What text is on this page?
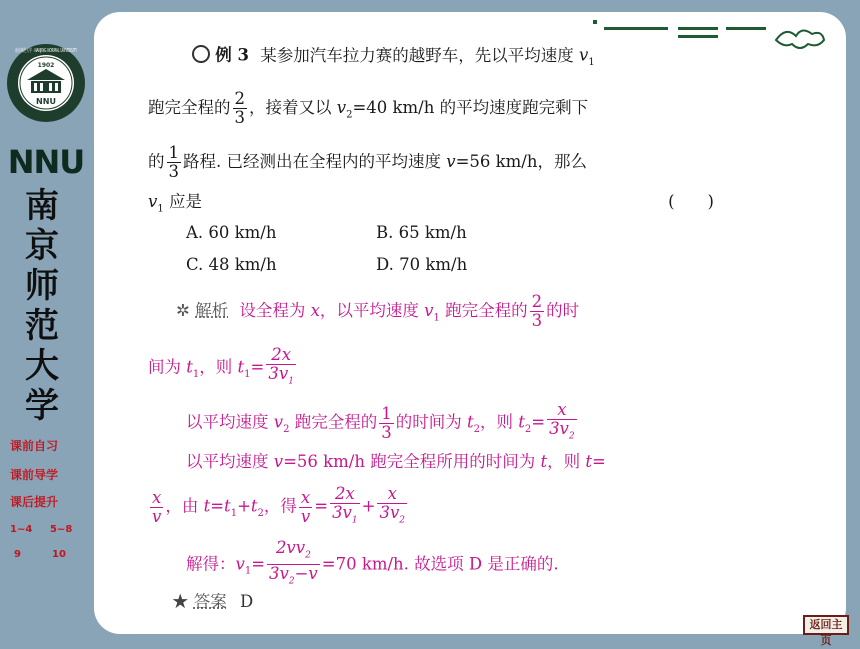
1902
NNU
南京师范大学 · NANJING NORMAL UNIVERSITY
NNU
南
京
师
范
大
学
课前自习
课前导学
课后提升
1~4 5~8
9	10
例 3 某参加汽车拉力赛的越野车，先以平均速度 $v_1$
跑完全程的 $\frac{2}{3}$ ，接着又以 $v_2=40$ km/h 的平均速度跑完剩下
的 $\frac{1}{3}$ 路程. 已经测出在全程内的平均速度 v=56 km/h，那么
$v_1$ 应是	(　　)
A. 60 km/h	B. 65 km/h
C. 48 km/h	D. 70 km/h
✲ 解析 设全程为 x，以平均速度 $v_1$ 跑完全程的 $\frac{2}{3}$ 的时
间为 $t_1$，则 $t_1= \frac{2x}{3v_1}$
以平均速度 $v_2$ 跑完全程的 $\frac{1}{3}$ 的时间为 $t_2$，则 $t_2= \frac{x}{3v_2}$
以平均速度 v=56 km/h 跑完全程所用的时间为 t，则 t=
$\frac{x}{v}$ ，由 $t=t_1+t_2$，得 $\frac{x}{v} = \frac{2x}{3v_1} + \frac{x}{3v_2}$
解得：$v_1= \frac{2vv_2}{3v_2-v} =70$ km/h. 故选项 D 是正确的.
★ 答案 D
返回主页
